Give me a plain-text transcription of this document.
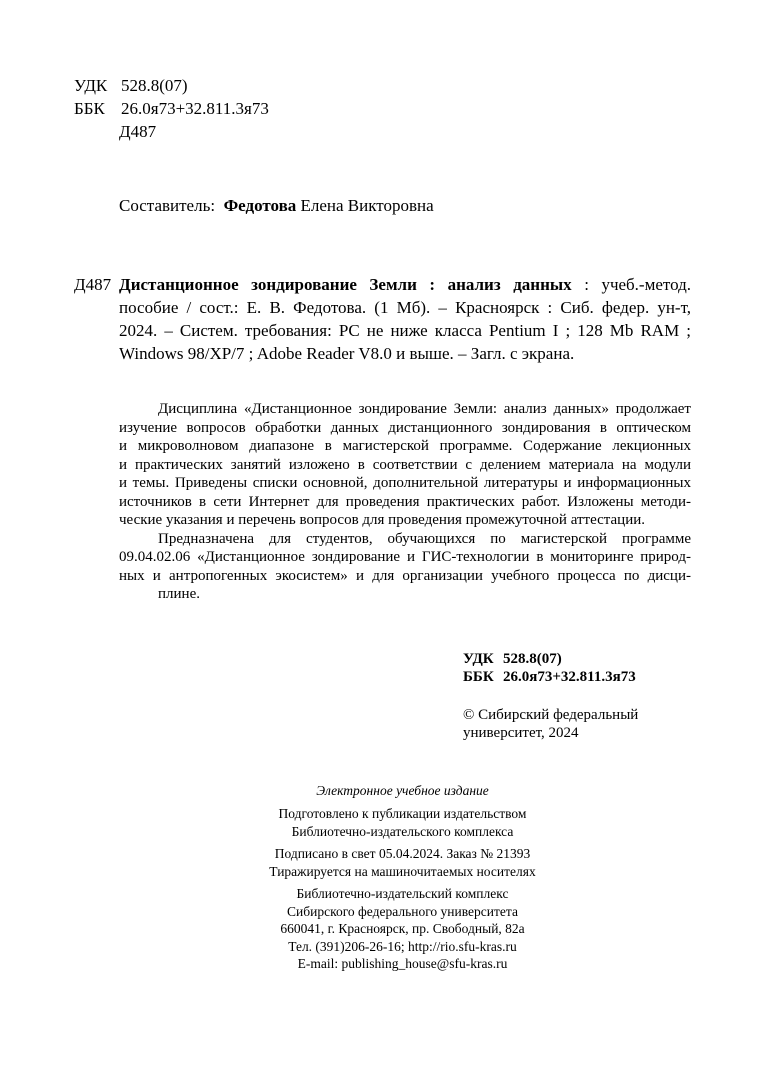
УДК 528.8(07)
ББК 26.0я73+32.811.3я73
Д487
Составитель: Федотова Елена Викторовна
Д487 Дистанционное зондирование Земли : анализ данных : учеб.-метод.
пособие / сост.: Е. В. Федотова. (1 Мб). – Красноярск : Сиб. федер. ун-т,
2024. – Систем. требования: PC не ниже класса Pentium I ; 128 Mb RAM ;
Windows 98/XP/7 ; Adobe Reader V8.0 и выше. – Загл. с экрана.
Дисциплина «Дистанционное зондирование Земли: анализ данных» продолжает
изучение вопросов обработки данных дистанционного зондирования в оптическом
и микроволновом диапазоне в магистерской программе. Содержание лекционных
и практических занятий изложено в соответствии с делением материала на модули
и темы. Приведены списки основной, дополнительной литературы и информационных
источников в сети Интернет для проведения практических работ. Изложены методи-
ческие указания и перечень вопросов для проведения промежуточной аттестации.
Предназначена для студентов, обучающихся по магистерской программе
09.04.02.06 «Дистанционное зондирование и ГИС-технологии в мониторинге природ-
ных и антропогенных экосистем» и для организации учебного процесса по дисци-
плине.
УДК 528.8(07)
ББК 26.0я73+32.811.3я73
© Сибирский федеральный
университет, 2024
Электронное учебное издание
Подготовлено к публикации издательством
Библиотечно-издательского комплекса
Подписано в свет 05.04.2024. Заказ № 21393
Тиражируется на машиночитаемых носителях
Библиотечно-издательский комплекс
Сибирского федерального университета
660041, г. Красноярск, пр. Свободный, 82а
Тел. (391)206-26-16; http://rio.sfu-kras.ru
E-mail: publishing_house@sfu-kras.ru
